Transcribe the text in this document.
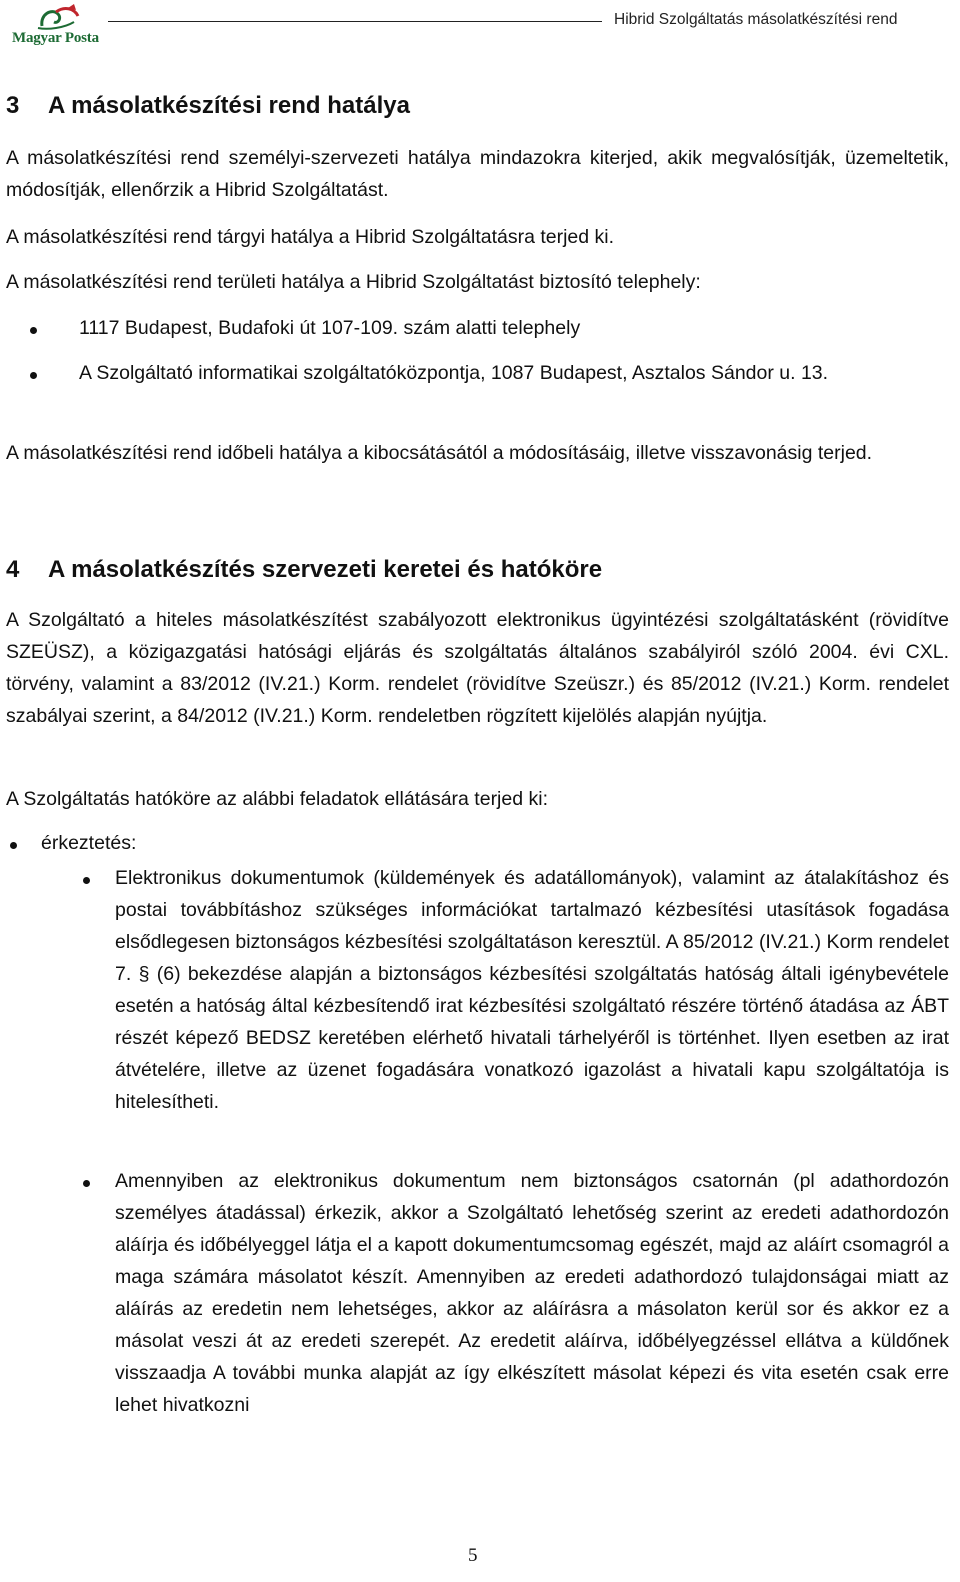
Magyar Posta
Hibrid Szolgáltatás másolatkészítési rend
3 A másolatkészítési rend hatálya

A másolatkészítési rend személyi-szervezeti hatálya mindazokra kiterjed, akik megvalósítják, üzemeltetik, módosítják, ellenőrzik a Hibrid Szolgáltatást.

A másolatkészítési rend tárgyi hatálya a Hibrid Szolgáltatásra terjed ki.

A másolatkészítési rend területi hatálya a Hibrid Szolgáltatást biztosító telephely:

1117 Budapest, Budafoki út 107-109. szám alatti telephely

A Szolgáltató informatikai szolgáltatóközpontja, 1087 Budapest, Asztalos Sándor u. 13.

A másolatkészítési rend időbeli hatálya a kibocsátásától a módosításáig, illetve visszavonásig terjed.

4 A másolatkészítés szervezeti keretei és hatóköre

A Szolgáltató a hiteles másolatkészítést szabályozott elektronikus ügyintézési szolgáltatásként (rövidítve SZEÜSZ), a közigazgatási hatósági eljárás és szolgáltatás általános szabályiról szóló 2004. évi CXL. törvény, valamint a 83/2012 (IV.21.) Korm. rendelet (rövidítve Szeüszr.) és 85/2012 (IV.21.) Korm. rendelet szabályai szerint, a 84/2012 (IV.21.) Korm. rendeletben rögzített kijelölés alapján nyújtja.

A Szolgáltatás hatóköre az alábbi feladatok ellátására terjed ki:

érkeztetés:

Elektronikus dokumentumok (küldemények és adatállományok), valamint az átalakításhoz és postai továbbításhoz szükséges információkat tartalmazó kézbesítési utasítások fogadása elsődlegesen biztonságos kézbesítési szolgáltatáson keresztül. A 85/2012 (IV.21.) Korm rendelet 7. § (6) bekezdése alapján a biztonságos kézbesítési szolgáltatás hatóság általi igénybevétele esetén a hatóság által kézbesítendő irat kézbesítési szolgáltató részére történő átadása az ÁBT részét képező BEDSZ keretében elérhető hivatali tárhelyéről is történhet. Ilyen esetben az irat átvételére, illetve az üzenet fogadására vonatkozó igazolást a hivatali kapu szolgáltatója is hitelesítheti.

Amennyiben az elektronikus dokumentum nem biztonságos csatornán (pl adathordozón személyes átadással) érkezik, akkor a Szolgáltató lehetőség szerint az eredeti adathordozón aláírja és időbélyeggel látja el a kapott dokumentumcsomag egészét, majd az aláírt csomagról a maga számára másolatot készít. Amennyiben az eredeti adathordozó tulajdonságai miatt az aláírás az eredetin nem lehetséges, akkor az aláírásra a másolaton kerül sor és akkor ez a másolat veszi át az eredeti szerepét. Az eredetit aláírva, időbélyegzéssel ellátva a küldőnek visszaadja A további munka alapját az így elkészített másolat képezi és vita esetén csak erre lehet hivatkozni

5
